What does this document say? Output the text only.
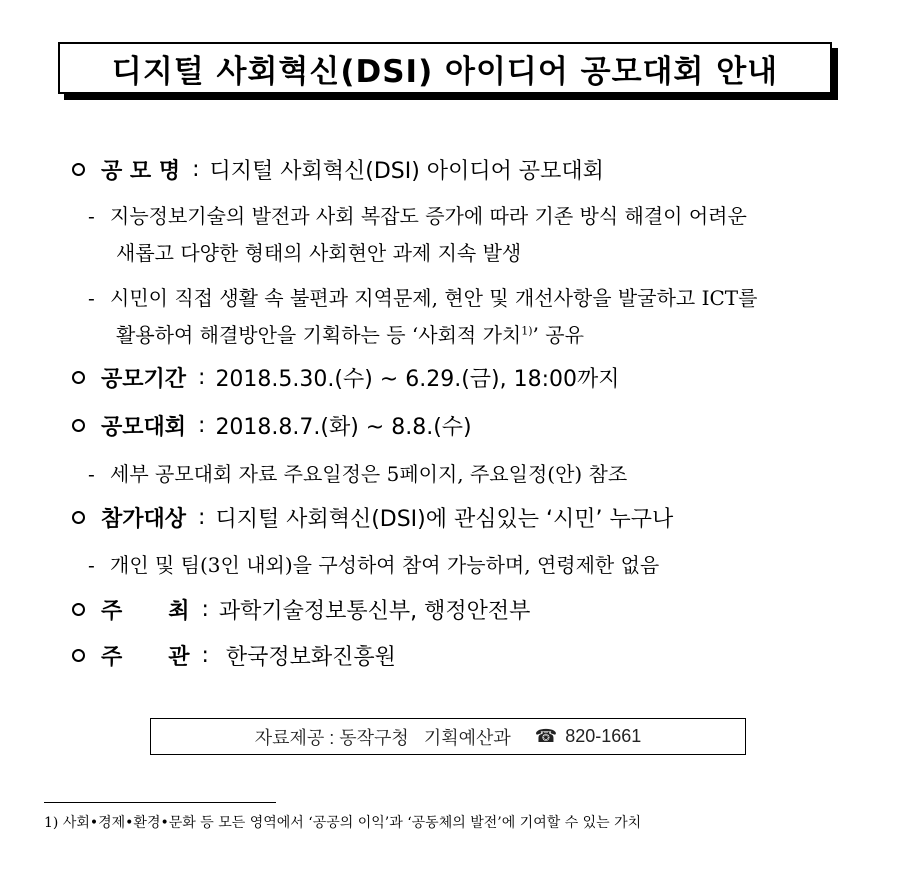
디지털 사회혁신(DSI) 아이디어 공모대회 안내
공 모 명 : 디지털 사회혁신(DSI) 아이디어 공모대회
- 지능정보기술의 발전과 사회 복잡도 증가에 따라 기존 방식 해결이 어려운
새롭고 다양한 형태의 사회현안 과제 지속 발생
- 시민이 직접 생활 속 불편과 지역문제, 현안 및 개선사항을 발굴하고 ICT를
활용하여 해결방안을 기획하는 등 ‘사회적 가치$^{1)}$’ 공유
공모기간 : 2018.5.30.(수) ~ 6.29.(금), 18:00까지
공모대회 : 2018.8.7.(화) ~ 8.8.(수)
- 세부 공모대회 자료 주요일정은 5페이지, 주요일정(안) 참조
참가대상 : 디지털 사회혁신(DSI)에 관심있는 ‘시민’ 누구나
- 개인 및 팀(3인 내외)을 구성하여 참여 가능하며, 연령제한 없음
주      최 : 과학기술정보통신부, 행정안전부
주      관 : 한국정보화진흥원
자료제공 : 동작구청   기획예산과 ☎ 820-1661
1) 사회•경제•환경•문화 등 모든 영역에서 ‘공공의 이익’과 ‘공동체의 발전’에 기여할 수 있는 가치
